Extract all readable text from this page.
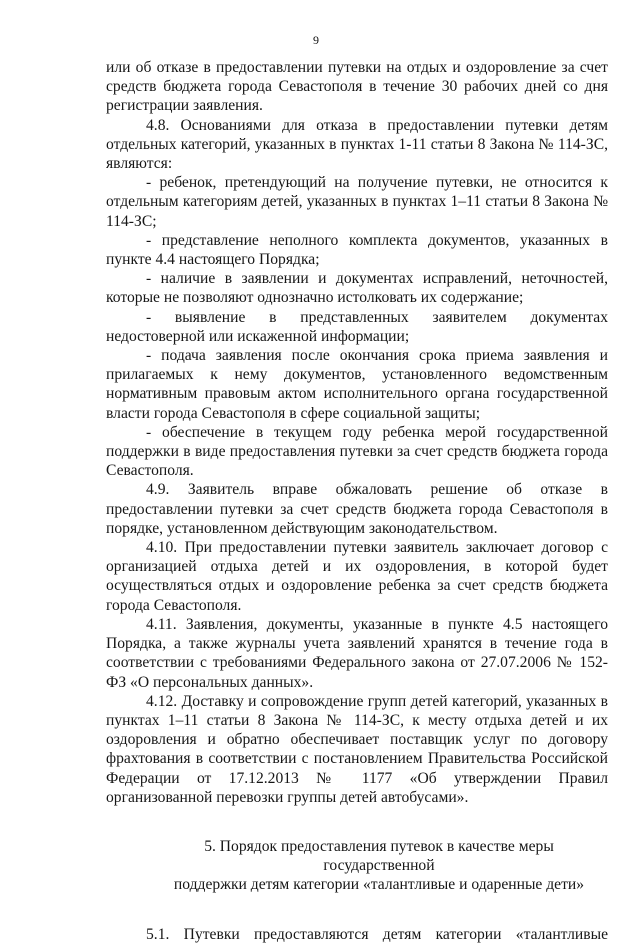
9

или об отказе в предоставлении путевки на отдых и оздоровление за счет средств бюджета города Севастополя в течение 30 рабочих дней со дня регистрации заявления.

4.8. Основаниями для отказа в предоставлении путевки детям отдельных категорий, указанных в пунктах 1-11 статьи 8 Закона № 114-ЗС, являются:

- ребенок, претендующий на получение путевки, не относится к отдельным категориям детей, указанных в пунктах 1–11 статьи 8 Закона № 114-ЗС;

- представление неполного комплекта документов, указанных в пункте 4.4 настоящего Порядка;

- наличие в заявлении и документах исправлений, неточностей, которые не позволяют однозначно истолковать их содержание;

- выявление в представленных заявителем документах недостоверной или искаженной информации;

- подача заявления после окончания срока приема заявления и прилагаемых к нему документов, установленного ведомственным нормативным правовым актом исполнительного органа государственной власти города Севастополя в сфере социальной защиты;

- обеспечение в текущем году ребенка мерой государственной поддержки в виде предоставления путевки за счет средств бюджета города Севастополя.

4.9. Заявитель вправе обжаловать решение об отказе в предоставлении путевки за счет средств бюджета города Севастополя в порядке, установленном действующим законодательством.

4.10. При предоставлении путевки заявитель заключает договор с организацией отдыха детей и их оздоровления, в которой будет осуществляться отдых и оздоровление ребенка за счет средств бюджета города Севастополя.

4.11. Заявления, документы, указанные в пункте 4.5 настоящего Порядка, а также журналы учета заявлений хранятся в течение года в соответствии с требованиями Федерального закона от 27.07.2006 № 152-ФЗ «О персональных данных».

4.12. Доставку и сопровождение групп детей категорий, указанных в пунктах 1–11 статьи 8 Закона № 114-ЗС, к месту отдыха детей и их оздоровления и обратно обеспечивает поставщик услуг по договору фрахтования в соответствии с постановлением Правительства Российской Федерации от 17.12.2013 № 1177 «Об утверждении Правил организованной перевозки группы детей автобусами».

5. Порядок предоставления путевок в качестве меры государственной

поддержки детям категории «талантливые и одаренные дети»

5.1. Путевки предоставляются детям категории «талантливые
